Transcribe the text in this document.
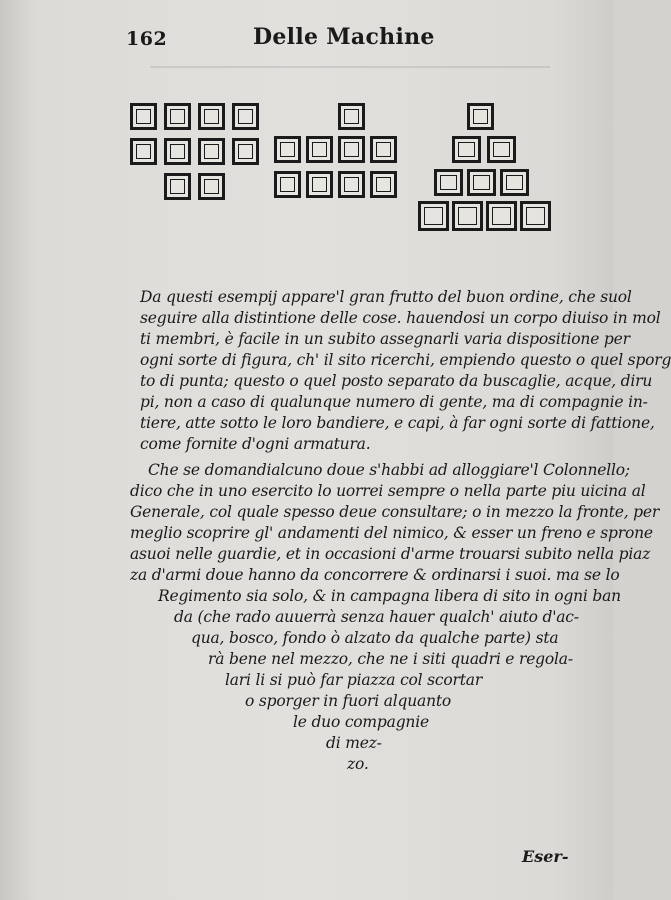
162	Delle Machine
Da questi esempij appare'l gran frutto del buon ordine, che suol
seguire alla distintione delle cose. hauendosi un corpo diuiso in mol
ti membri, è facile in un subito assegnarli varia dispositione per
ogni sorte di figura, ch' il sito ricerchi, empiendo questo o quel sporg
to di punta; questo o quel posto separato da buscaglie, acque, diru
pi, non a caso di qualunque numero di gente, ma di compagnie in-
tiere, atte sotto le loro bandiere, e capi, à far ogni sorte di fattione,
come fornite d'ogni armatura.
Che se domandialcuno doue s'habbi ad alloggiare'l Colonnello;
dico che in uno esercito lo uorrei sempre o nella parte piu uicina al
Generale, col quale spesso deue consultare; o in mezzo la fronte, per
meglio scoprire gl' andamenti del nimico, & esser un freno e sprone
asuoi nelle guardie, et in occasioni d'arme trouarsi subito nella piaz
za d'armi doue hanno da concorrere & ordinarsi i suoi. ma se lo
Regimento sia solo, & in campagna libera di sito in ogni ban
da (che rado auuerrà senza hauer qualch' aiuto d'ac-
qua, bosco, fondo ò alzato da qualche parte) sta
rà bene nel mezzo, che ne i siti quadri e regola-
lari li si può far piazza col scortar
o sporger in fuori alquanto
le duo compagnie
di mez-
zo.
Eser-
